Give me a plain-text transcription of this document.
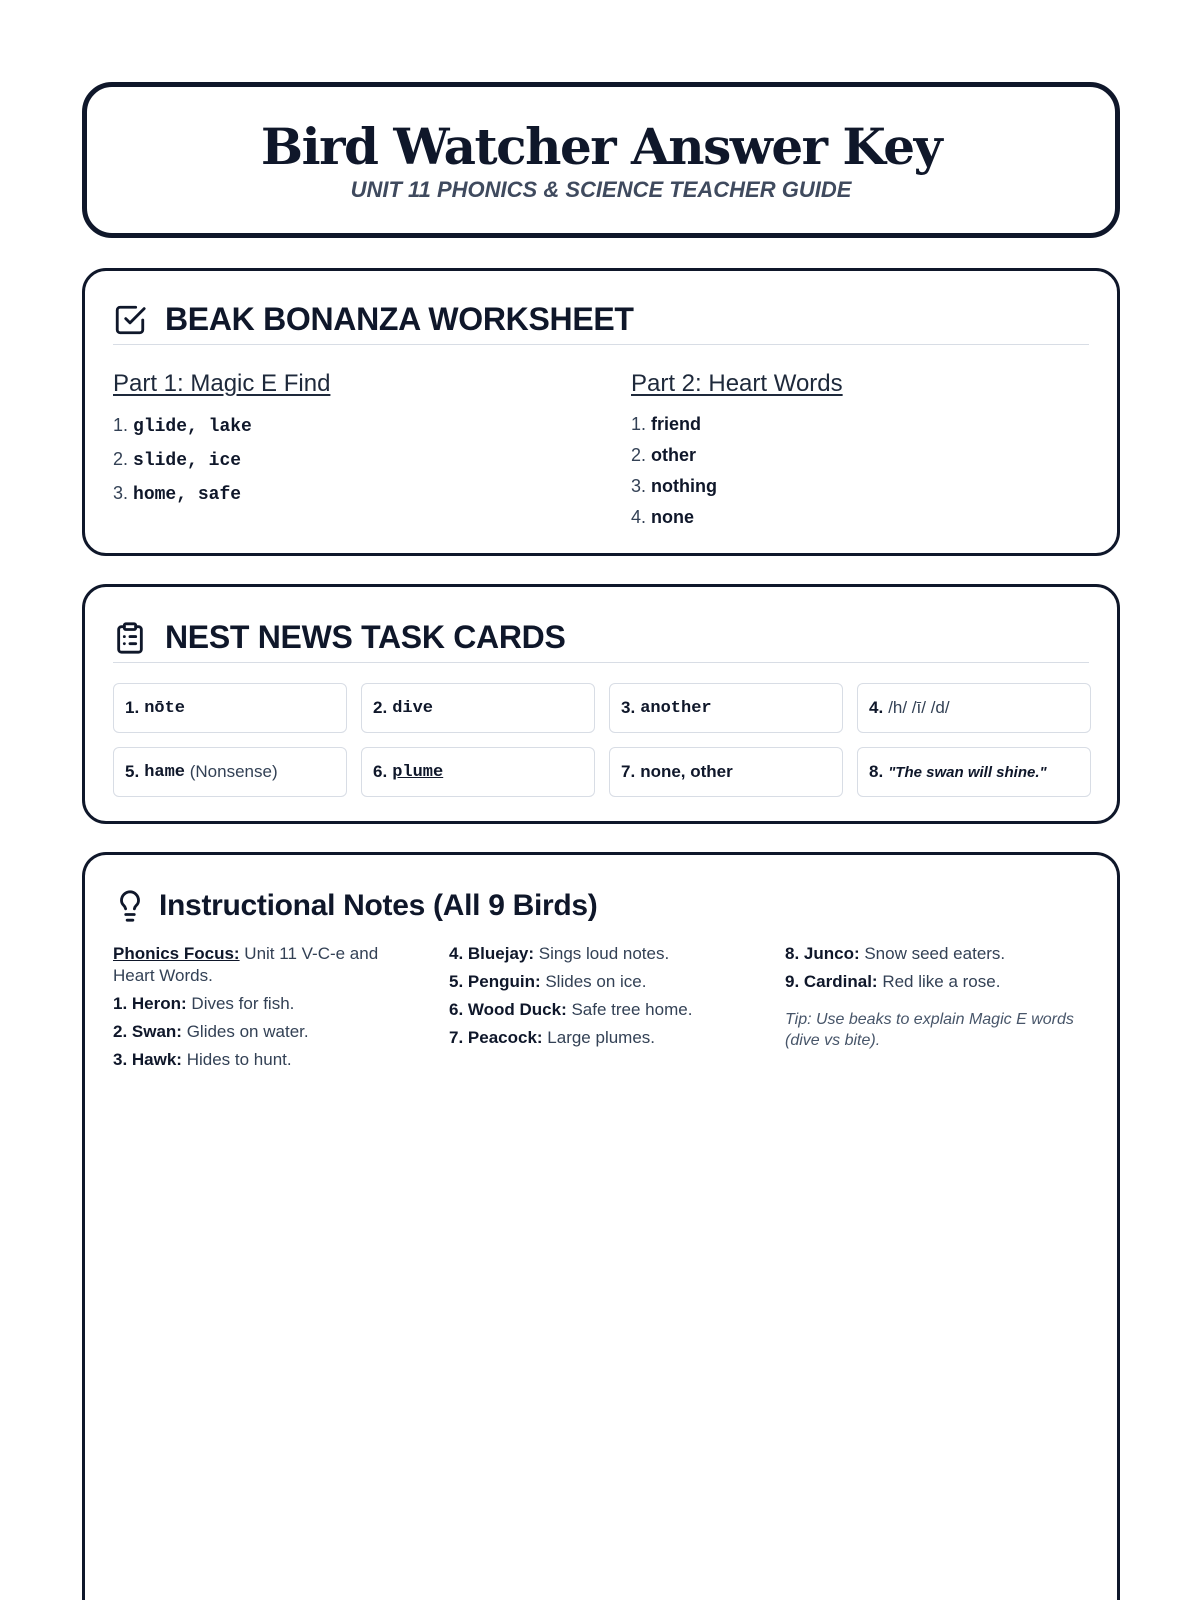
Bird Watcher Answer Key
UNIT 11 PHONICS & SCIENCE TEACHER GUIDE
BEAK BONANZA WORKSHEET
Part 1: Magic E Find
1. glide, lake
2. slide, ice
3. home, safe
Part 2: Heart Words
1. friend
2. other
3. nothing
4. none
NEST NEWS TASK CARDS
1. nōte	2. dive	3. another	4. /h/ /ī/ /d/
5. hame
(Nonsense)	6. plume	7. none, other	8. "The swan will shine."
Instructional Notes (All 9 Birds)

Phonics Focus: Unit 11 V-C-e and Heart Words.

1. Heron: Dives for fish.

2. Swan: Glides on water.

3. Hawk: Hides to hunt.

4. Bluejay: Sings loud notes.

5. Penguin: Slides on ice.

6. Wood Duck: Safe tree home.

7. Peacock: Large plumes.

8. Junco: Snow seed eaters.

9. Cardinal: Red like a rose.

Tip: Use beaks to explain Magic E words (dive vs bite).
